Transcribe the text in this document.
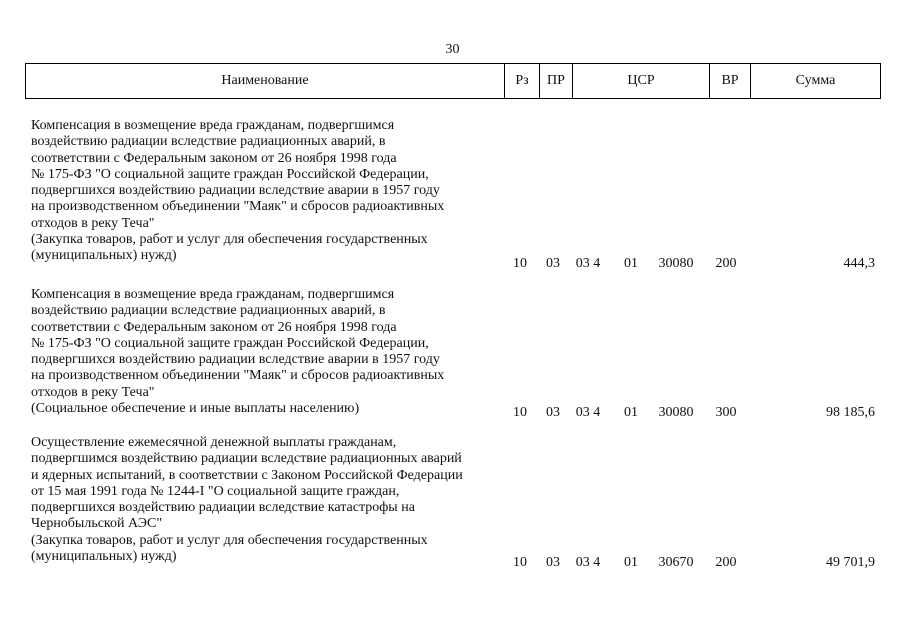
30
Наименование	Рз	ПР	ЦСР	ВР	Сумма
Компенсация в возмещение вреда гражданам, подвергшимся
воздействию радиации вследствие радиационных аварий, в
соответствии с Федеральным законом от 26 ноября 1998 года
№ 175-ФЗ "О социальной защите граждан Российской Федерации,
подвергшихся воздействию радиации вследствие аварии в 1957 году
на производственном объединении "Маяк" и сбросов радиоактивных
отходов в реку Теча"
(Закупка товаров, работ и услуг для обеспечения государственных
(муниципальных) нужд)
10	03	03 4	01	30080	200	444,3
Компенсация в возмещение вреда гражданам, подвергшимся
воздействию радиации вследствие радиационных аварий, в
соответствии с Федеральным законом от 26 ноября 1998 года
№ 175-ФЗ "О социальной защите граждан Российской Федерации,
подвергшихся воздействию радиации вследствие аварии в 1957 году
на производственном объединении "Маяк" и сбросов радиоактивных
отходов в реку Теча"
(Социальное обеспечение и иные выплаты населению)	10	03	03 4	01	30080	300	98 185,6
Осуществление ежемесячной денежной выплаты гражданам,
подвергшимся воздействию радиации вследствие радиационных аварий
и ядерных испытаний, в соответствии с Законом Российской Федерации
от 15 мая 1991 года № 1244-I "О социальной защите граждан,
подвергшихся воздействию радиации вследствие катастрофы на
Чернобыльской АЭС"
(Закупка товаров, работ и услуг для обеспечения государственных
(муниципальных) нужд)	10	03	03 4	01	30670	200	49 701,9
